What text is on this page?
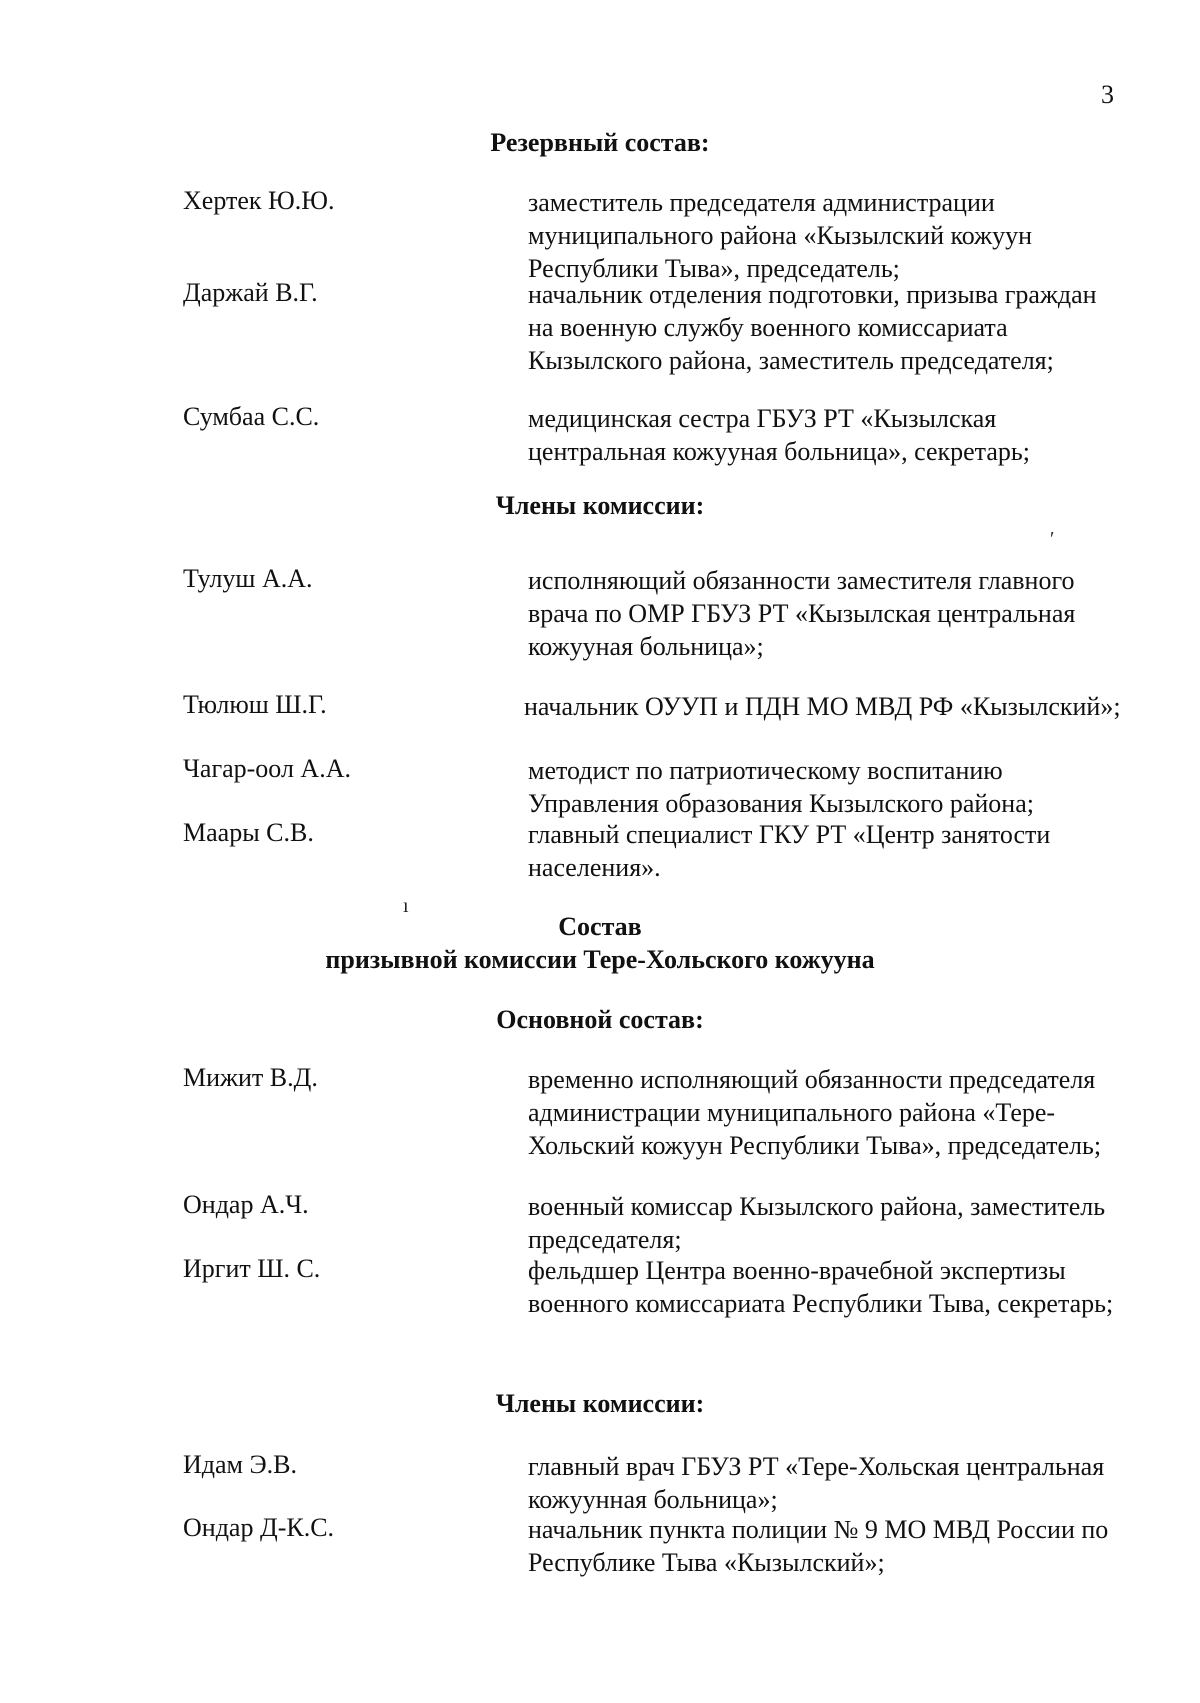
3
Резервный состав:
Хертек Ю.Ю.	заместитель председателя администрации муниципального района «Кызылский кожуун Республики Тыва», председатель;
Даржай В.Г.	начальник отделения подготовки, призыва граждан на военную службу военного комиссариата Кызылского района, заместитель председателя;
Сумбаа С.С.	медицинская сестра ГБУЗ РТ «Кызылская центральная кожууная больница», секретарь;
Члены комиссии:
′
Тулуш А.А.	исполняющий обязанности заместителя главного врача по ОМР ГБУЗ РТ «Кызылская центральная кожууная больница»;
Тюлюш Ш.Г.	начальник ОУУП и ПДН МО МВД РФ «Кызылский»;
Чагар-оол А.А.	методист по патриотическому воспитанию Управления образования Кызылского района;
Мааpы С.В.	главный специалист ГКУ РТ «Центр занятости населения».
ı
Состав
призывной комиссии Тере-Хольского кожууна
Основной состав:
Мижит В.Д.	временно исполняющий обязанности председателя администрации муниципального района «Тере-Хольский кожуун Республики Тыва», председатель;
Ондар А.Ч.	военный комиссар Кызылского района, заместитель председателя;
Иргит Ш. С.	фельдшер Центра военно-врачебной экспертизы военного комиссариата Республики Тыва, секретарь;
Члены комиссии:
Идам Э.В.	главный врач ГБУЗ РТ «Тере-Хольская центральная кожуунная больница»;
Ондар Д-К.С.	начальник пункта полиции № 9 МО МВД России по Республике Тыва «Кызылский»;
